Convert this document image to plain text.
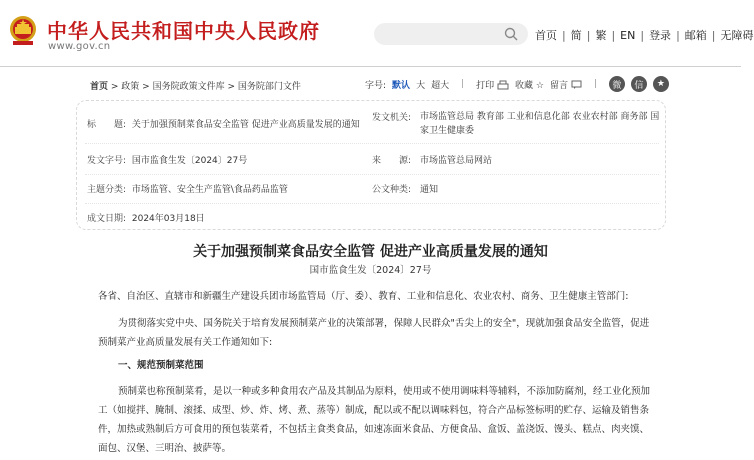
中华人民共和国中央人民政府
www.gov.cn
首页 | 简 | 繁 | EN | 登录 | 邮箱 | 无障碍
首页 > 政策 > 国务院政策文件库 > 国务院部门文件	字号: 默认 大 超大 | 打印	收藏 ☆ 留言	|	微	信	★
标　　题: 关于加强预制菜食品安全监管 促进产业高质量发展的通知
发文机关: 市场监管总局 教育部 工业和信息化部 农业农村部 商务部 国家卫生健康委
发文字号: 国市监食生发〔2024〕27号	来　　源: 市场监管总局网站
主题分类: 市场监管、安全生产监管\食品药品监管	公文种类: 通知
成文日期: 2024年03月18日
关于加强预制菜食品安全监管 促进产业高质量发展的通知
国市监食生发〔2024〕27号
各省、自治区、直辖市和新疆生产建设兵团市场监管局（厅、委）、教育、工业和信息化、农业农村、商务、卫生健康主管部门:
为贯彻落实党中央、国务院关于培育发展预制菜产业的决策部署，保障人民群众"舌尖上的安全"，现就加强食品安全监管，促进预制菜产业高质量发展有关工作通知如下:
一、规范预制菜范围
预制菜也称预制菜肴，是以一种或多种食用农产品及其制品为原料，使用或不使用调味料等辅料，不添加防腐剂，经工业化预加工（如搅拌、腌制、滚揉、成型、炒、炸、烤、煮、蒸等）制成，配以或不配以调味料包，符合产品标签标明的贮存、运输及销售条件，加热或熟制后方可食用的预包装菜肴，不包括主食类食品，如速冻面米食品、方便食品、盒饭、盖浇饭、馒头、糕点、肉夹馍、面包、汉堡、三明治、披萨等。
